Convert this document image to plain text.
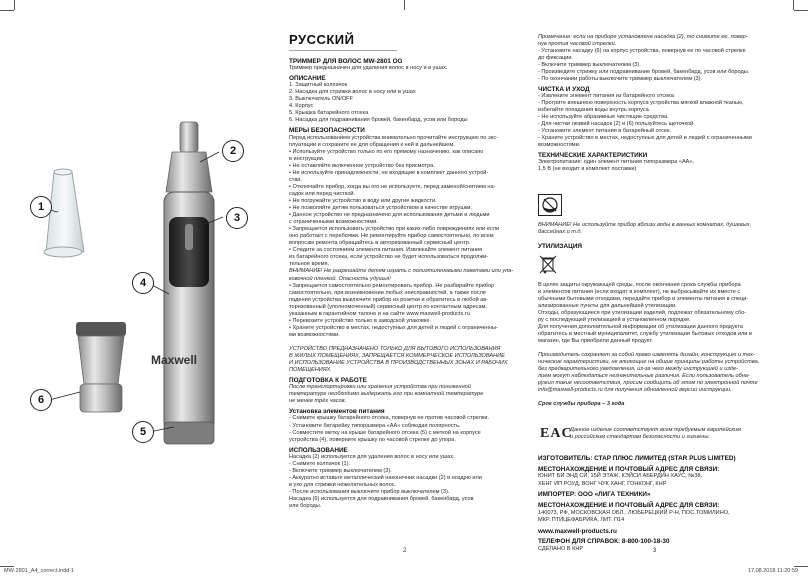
Maxwell
1
2
3
4
5
6
РУССКИЙ
ТРИММЕР ДЛЯ ВОЛОС MW-2801 OG
Триммер предназначен для удаления волос в носу и в ушах.
ОПИСАНИЕ
1. Защитный колпачок
2. Насадка для стрижки волос в носу или в ушах
3. Выключатель ON/OFF
4. Корпус
5. Крышка батарейного отсека
6. Насадка для подравнивания бровей, бакенбард, усов или бороды
МЕРЫ БЕЗОПАСНОСТИ
Перед использованием устройства внимательно прочитайте инструкцию по экс-
плуатации и сохраните ее для обращения к ней в дальнейшем.
• Используйте устройство только по его прямому назначению, как описано
в инструкции.
• Не оставляйте включенное устройство без присмотра.
• Не используйте принадлежности, не входящие в комплект данного устрой-
ства.
• Отключайте прибор, когда вы его не используете, перед заменой/снятием на-
садок или перед чисткой.
• Не погружайте устройство в воду или другие жидкости.
• Не позволяйте детям пользоваться устройством в качестве игрушки.
• Данное устройство не предназначено для использования детьми и людьми
с ограниченными возможностями.
• Запрещается использовать устройство при каких-либо повреждениях или если
оно работает с перебоями. Не ремонтируйте прибор самостоятельно, по всем
вопросам ремонта обращайтесь в авторизованный сервисный центр.
• Следите за состоянием элемента питания. Извлекайте элемент питания
из батарейного отсека, если устройство не будет использоваться продолжи-
тельное время.
ВНИМАНИЕ! Не разрешайте детям играть с полиэтиленовыми пакетами или упа-
ковочной пленкой. Опасность удушья!
• Запрещается самостоятельно ремонтировать прибор. Не разбирайте прибор
самостоятельно, при возникновении любых неисправностей, а также после
падения устройства выключите прибор из розетки и обратитесь в любой ав-
торизованный (уполномоченный) сервисный центр по контактным адресам,
указанным в гарантийном талоне и на сайте www.maxwell-products.ru
• Перевозите устройство только в заводской упаковке.
• Храните устройство в местах, недоступных для детей и людей с ограниченны-
ми возможностями.
УСТРОЙСТВО ПРЕДНАЗНАЧЕНО ТОЛЬКО ДЛЯ БЫТОВОГО ИСПОЛЬЗОВАНИЯ
В ЖИЛЫХ ПОМЕЩЕНИЯХ, ЗАПРЕЩАЕТСЯ КОММЕРЧЕСКОЕ ИСПОЛЬЗОВАНИЕ
И ИСПОЛЬЗОВАНИЕ УСТРОЙСТВА В ПРОИЗВОДСТВЕННЫХ ЗОНАХ И РАБОЧИХ
ПОМЕЩЕНИЯХ.
ПОДГОТОВКА К РАБОТЕ
После транспортировки или хранения устройства при пониженной
температуре необходимо выдержать его при комнатной температуре
не менее трёх часов.
Установка элементов питания
- Снимите крышку батарейного отсека, повернув ее против часовой стрелки.
- Установите батарейку типоразмера «AA» соблюдая полярность.
- Совместите метку на крыше батарейного отсека (5) с меткой на корпусе
устройства (4), поверните крышку по часовой стрелке до упора.
ИСПОЛЬЗОВАНИЕ
Насадка (2) используется для удаления волос в носу или ушах.
- Снимите колпачок (1).
- Включите триммер выключателем (3).
- Аккуратно вставьте металлический наконечник насадки (2) в ноздрю или
в ухо для стрижки нежелательных волос.
- После использования выключите прибор выключателем (3).
Насадка (6) используется для подравнивания бровей, бакенбард, усов
или бороды.
Примечание: если на приборе установлена насадка (2), то снимите ее, повер-
нув против часовой стрелки.
- Установите насадку (6) на корпус устройства, повернув ее по часовой стрелке
до фиксации.
- Включите триммер выключателем (3).
- Произведите стрижку или подравнивание бровей, бакенбард, усов или бороды.
- По окончании работы выключите триммер выключателем (3).
ЧИСТКА И УХОД
- Извлеките элемент питания из батарейного отсека
- Протрите внешнюю поверхность корпуса устройства мягкой влажной тканью,
избегайте попадания воды внутрь корпуса.
- Не используйте абразивные чистящие средства.
- Для чистки лезвий насадок (2) и (6) пользуйтесь щеточкой.
- Установите элемент питания в батарейный отсек.
- Храните устройство в местах, недоступных для детей и людей с ограниченными
возможностями.
ТЕХНИЧЕСКИЕ ХАРАКТЕРИСТИКИ
Электропитание: один элемент питания типоразмера «AA»,
1,5 В (не входит в комплект поставки)
ВНИМАНИЕ! Не используйте прибор вблизи воды в ванных комнатах, душевых,
бассейнах и т.д.
УТИЛИЗАЦИЯ
В целях защиты окружающей среды, после окончания срока службы прибора
и элементов питания (если входят в комплект), не выбрасывайте их вместе с
обычными бытовыми отходами, передайте прибор и элементы питания в специ-
ализированные пункты для дальнейшей утилизации.
Отходы, образующиеся при утилизации изделий, подлежат обязательному сбо-
ру с последующей утилизацией в установленном порядке.
Для получения дополнительной информации об утилизации данного продукта
обратитесь в местный муниципалитет, службу утилизации бытовых отходов или в
магазин, где Вы приобрели данный продукт.
Производитель сохраняет за собой право изменять дизайн, конструкцию и тех-
нические характеристики, не влияющие на общие принципы работы устройства,
без предварительного уведомления, из-за чего между инструкцией и изде-
лием могут наблюдаться незначительные различия. Если пользователь обна-
ружил такие несоответствия, просим сообщить об этом по электронной почте
info@maxwell-products.ru для получения обновленной версии инструкции.
Срок службы прибора – 3 года
EAC
Данное изделие соответствует всем требуемым европейским
и российским стандартам безопасности и гигиены.
ИЗГОТОВИТЕЛЬ: СТАР ПЛЮС ЛИМИТЕД (STAR PLUS LIMITED)
МЕСТОНАХОЖДЕНИЕ И ПОЧТОВЫЙ АДРЕС ДЛЯ СВЯЗИ:
ЮНИТ БИ ЭНД СИ, 15Й ЭТАЖ, КЭЙСИ АБЕРДИН ХАУС, №38,
ХЕНГ ИП РОУД, ВОНГ ЧУК ХАНГ, ГОНКОНГ, КНР
ИМПОРТЕР: ООО «ЛИГА ТЕХНИКИ»
МЕСТОНАХОЖДЕНИЕ И ПОЧТОВЫЙ АДРЕС ДЛЯ СВЯЗИ:
140073, РФ, МОСКОВСКАЯ ОБЛ., ЛЮБЕРЕЦКИЙ Р-Н, ПОС.ТОМИЛИНО,
МКР. ПТИЦЕФАБРИКА, ЛИТ. П14
www.maxwell-products.ru
ТЕЛЕФОН ДЛЯ СПРАВОК: 8-800-100-18-30
СДЕЛАНО В КНР
2	3
MW-2801_A4_correct.indd 1	17.08.2018 11:20:59
